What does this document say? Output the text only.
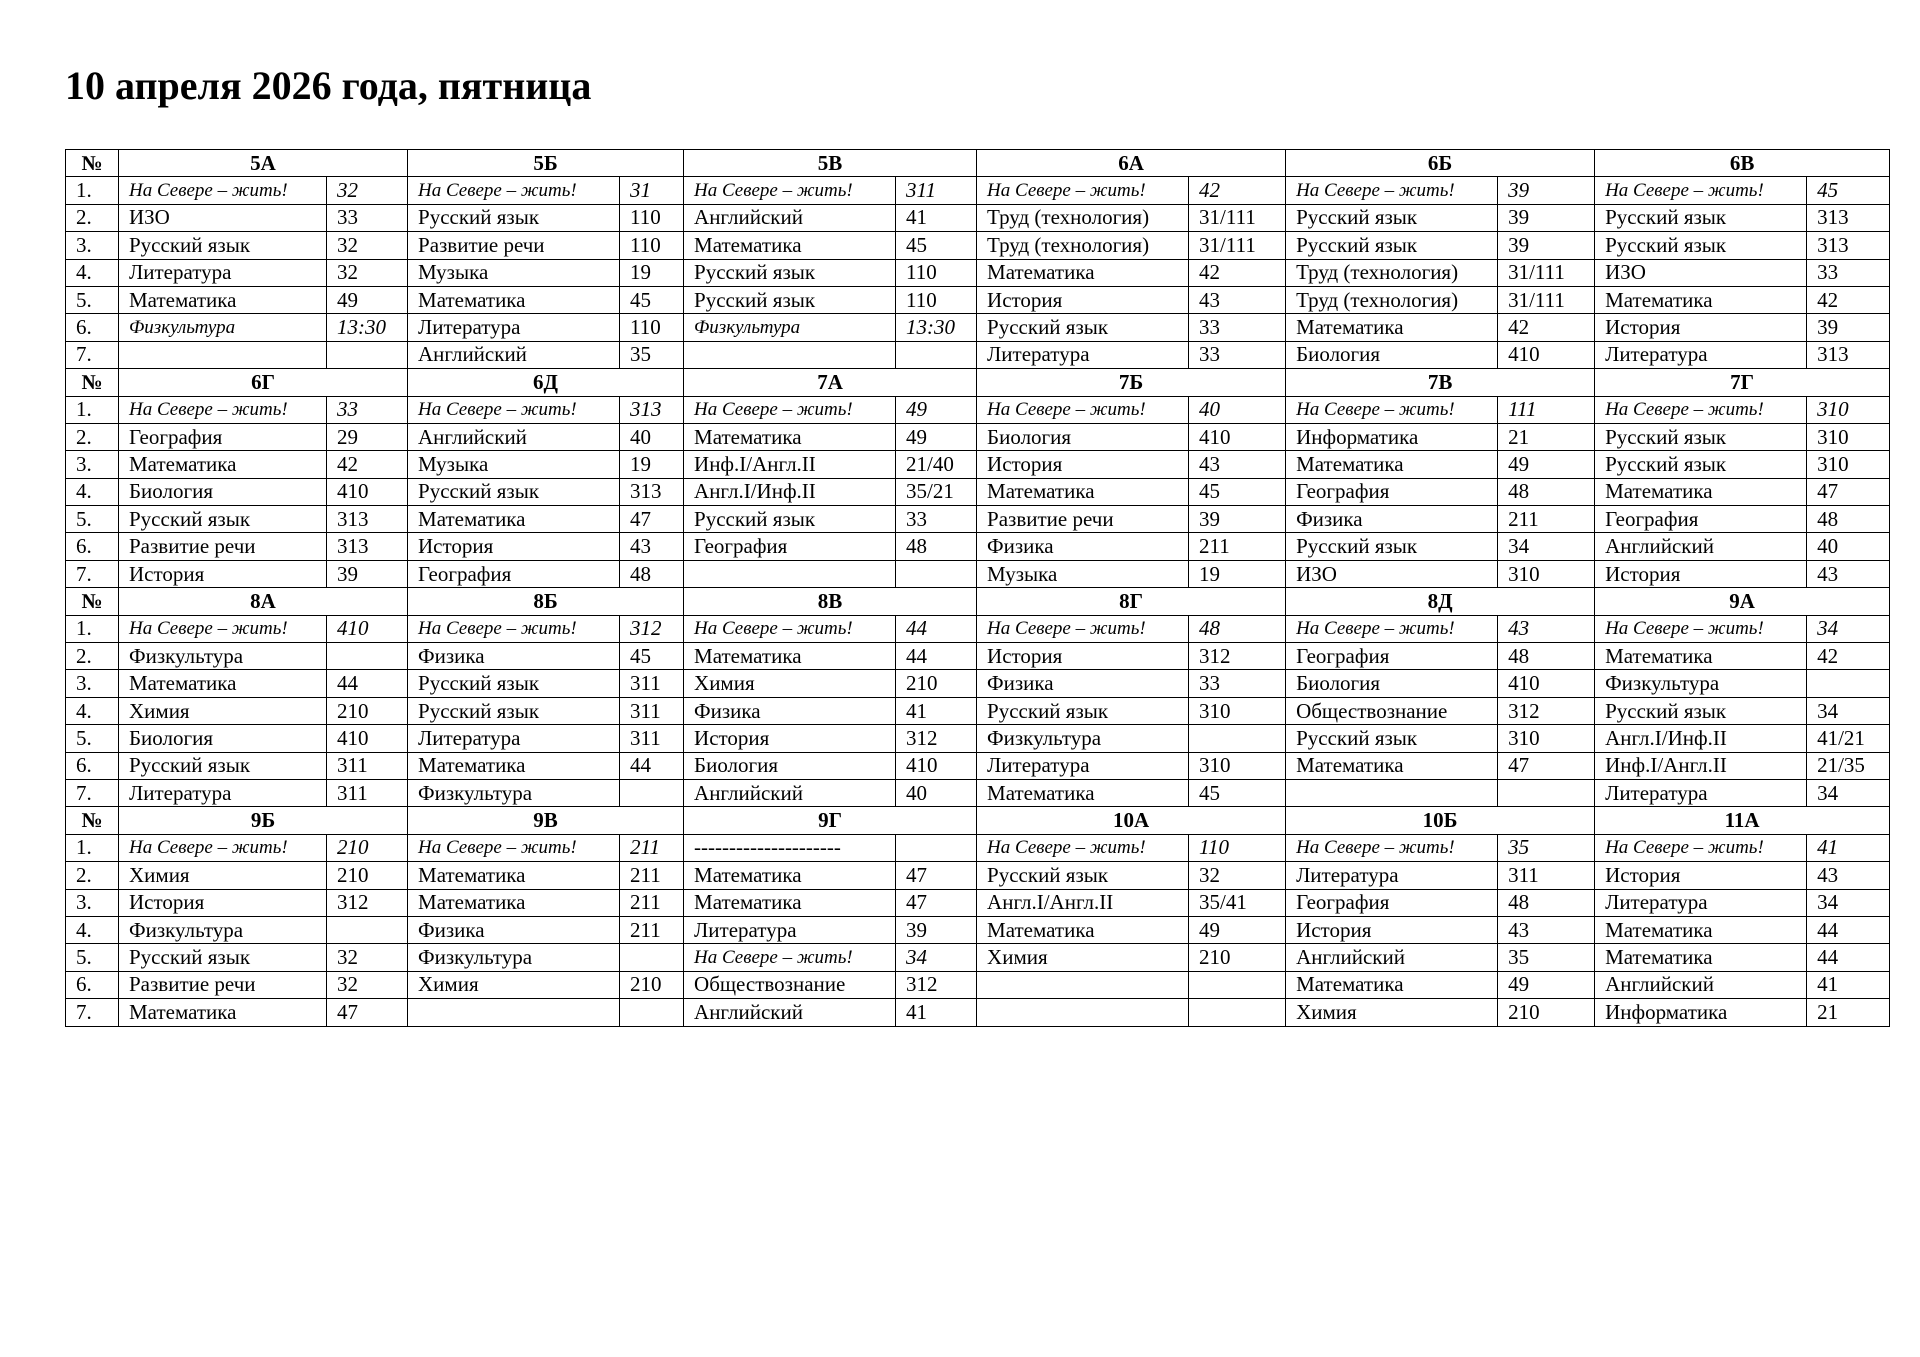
10 апреля 2026 года, пятница
№	5А		5Б		5В		6А		6Б		6В	
1.	На Севере – жить!	32	На Севере – жить!	31	На Севере – жить!	311	На Севере – жить!	42	На Севере – жить!	39	На Севере – жить!	45
2.	ИЗО	33	Русский язык	110	Английский	41	Труд (технология)	31/111	Русский язык	39	Русский язык	313
3.	Русский язык	32	Развитие речи	110	Математика	45	Труд (технология)	31/111	Русский язык	39	Русский язык	313
4.	Литература	32	Музыка	19	Русский язык	110	Математика	42	Труд (технология)	31/111	ИЗО	33
5.	Математика	49	Математика	45	Русский язык	110	История	43	Труд (технология)	31/111	Математика	42
6.	Физкультура	13:30	Литература	110	Физкультура	13:30	Русский язык	33	Математика	42	История	39
7.			Английский	35			Литература	33	Биология	410	Литература	313
№	6Г		6Д		7А		7Б		7В		7Г	
1.	На Севере – жить!	33	На Севере – жить!	313	На Севере – жить!	49	На Севере – жить!	40	На Севере – жить!	111	На Севере – жить!	310
2.	География	29	Английский	40	Математика	49	Биология	410	Информатика	21	Русский язык	310
3.	Математика	42	Музыка	19	Инф.I/Англ.II	21/40	История	43	Математика	49	Русский язык	310
4.	Биология	410	Русский язык	313	Англ.I/Инф.II	35/21	Математика	45	География	48	Математика	47
5.	Русский язык	313	Математика	47	Русский язык	33	Развитие речи	39	Физика	211	География	48
6.	Развитие речи	313	История	43	География	48	Физика	211	Русский язык	34	Английский	40
7.	История	39	География	48			Музыка	19	ИЗО	310	История	43
№	8А		8Б		8В		8Г		8Д		9А	
1.	На Севере – жить!	410	На Севере – жить!	312	На Севере – жить!	44	На Севере – жить!	48	На Севере – жить!	43	На Севере – жить!	34
2.	Физкультура		Физика	45	Математика	44	История	312	География	48	Математика	42
3.	Математика	44	Русский язык	311	Химия	210	Физика	33	Биология	410	Физкультура	
4.	Химия	210	Русский язык	311	Физика	41	Русский язык	310	Обществознание	312	Русский язык	34
5.	Биология	410	Литература	311	История	312	Физкультура		Русский язык	310	Англ.I/Инф.II	41/21
6.	Русский язык	311	Математика	44	Биология	410	Литература	310	Математика	47	Инф.I/Англ.II	21/35
7.	Литература	311	Физкультура		Английский	40	Математика	45			Литература	34
№	9Б		9В		9Г		10А		10Б		11А	
1.	На Севере – жить!	210	На Севере – жить!	211	---------------------		На Севере – жить!	110	На Севере – жить!	35	На Севере – жить!	41
2.	Химия	210	Математика	211	Математика	47	Русский язык	32	Литература	311	История	43
3.	История	312	Математика	211	Математика	47	Англ.I/Англ.II	35/41	География	48	Литература	34
4.	Физкультура		Физика	211	Литература	39	Математика	49	История	43	Математика	44
5.	Русский язык	32	Физкультура		На Севере – жить!	34	Химия	210	Английский	35	Математика	44
6.	Развитие речи	32	Химия	210	Обществознание	312			Математика	49	Английский	41
7.	Математика	47			Английский	41			Химия	210	Информатика	21
